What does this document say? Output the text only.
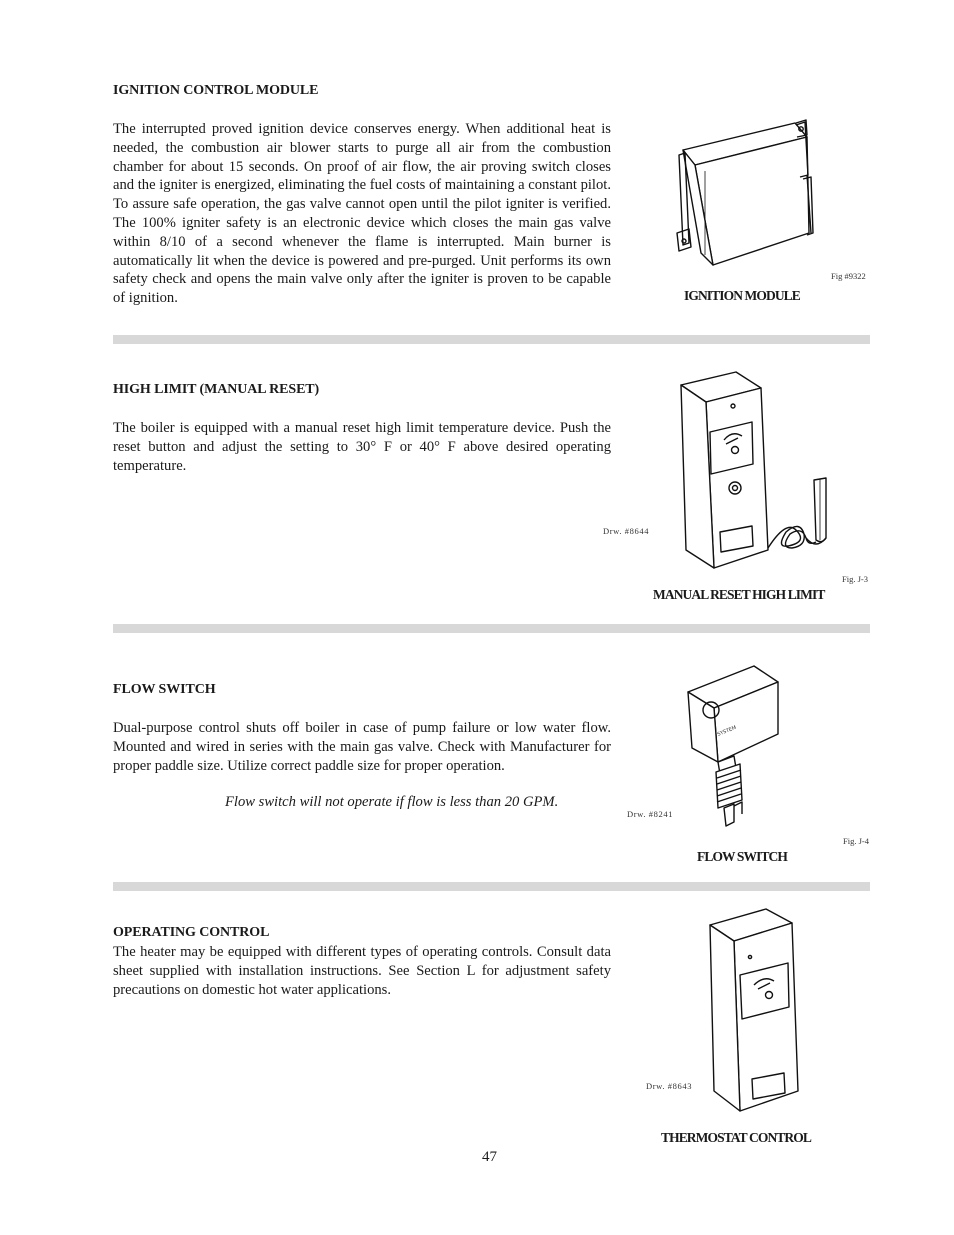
IGNITION CONTROL MODULE
The interrupted proved ignition device conserves energy. When additional heat is needed, the combustion air blower starts to purge all air from the combustion chamber for about 15 seconds. On proof of air flow, the air proving switch closes and the igniter is energized, eliminating the fuel costs of maintaining a constant pilot. To assure safe operation, the gas valve cannot open until the pilot igniter is verified. The 100% igniter safety is an electronic device which closes the main gas valve within 8/10 of a second whenever the flame is interrupted. Main burner is automatically lit when the device is powered and pre-purged. Unit performs its own safety check and opens the main valve only after the igniter is proven to be capable of ignition.
Fig #9322
IGNITION MODULE
HIGH LIMIT (MANUAL RESET)
The boiler is equipped with a manual reset high limit temperature device. Push the reset button and adjust the setting to 30° F or 40° F above desired operating temperature.
Drw. #8644
Fig. J-3
MANUAL RESET HIGH LIMIT
FLOW SWITCH
Dual-purpose control shuts off boiler in case of pump failure or low water flow. Mounted and wired in series with the main gas valve. Check with Manufacturer for proper paddle size. Utilize correct paddle size for proper operation.
Flow switch will not operate if flow is less than 20 GPM.
SYSTEM
Drw. #8241
Fig. J-4
FLOW SWITCH
OPERATING CONTROL
The heater may be equipped with different types of operating controls. Consult data sheet supplied with installation instructions. See Section L for adjustment safety precautions on domestic hot water applications.
Drw. #8643
THERMOSTAT CONTROL
47
